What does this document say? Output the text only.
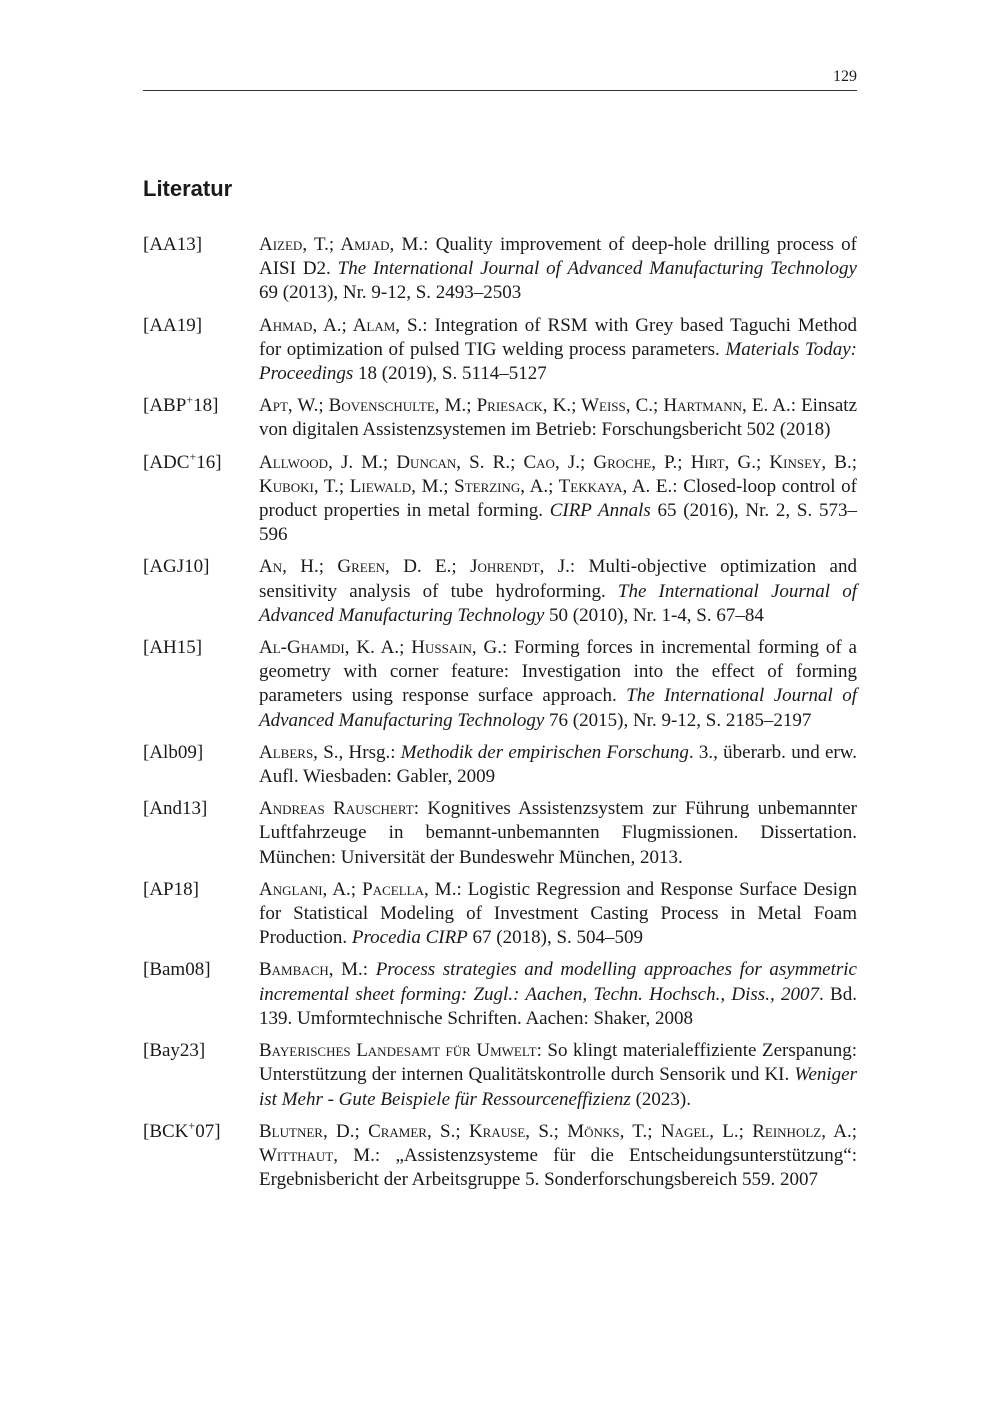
129
Literatur
[AA13]	Aized, T.; Amjad, M.: Quality improvement of deep-hole drilling process of AISI D2. The International Journal of Advanced Manufacturing Technology 69 (2013), Nr. 9-12, S. 2493–2503
[AA19]	Ahmad, A.; Alam, S.: Integration of RSM with Grey based Taguchi Method for optimization of pulsed TIG welding process parameters. Materials Today: Proceedings 18 (2019), S. 5114–5127
[ABP+18]	Apt, W.; Bovenschulte, M.; Priesack, K.; Weiss, C.; Hartmann, E. A.: Einsatz von digitalen Assistenzsystemen im Betrieb: Forschungsbericht 502 (2018)
[ADC+16]	Allwood, J. M.; Duncan, S. R.; Cao, J.; Groche, P.; Hirt, G.; Kinsey, B.; Kuboki, T.; Liewald, M.; Sterzing, A.; Tekkaya, A. E.: Closed-loop control of product properties in metal forming. CIRP Annals 65 (2016), Nr. 2, S. 573–596
[AGJ10]	An, H.; Green, D. E.; Johrendt, J.: Multi-objective optimization and sensitivity analysis of tube hydroforming. The International Journal of Advanced Manufacturing Technology 50 (2010), Nr. 1-4, S. 67–84
[AH15]	Al-Ghamdi, K. A.; Hussain, G.: Forming forces in incremental forming of a geometry with corner feature: Investigation into the effect of forming parameters using response surface approach. The International Journal of Advanced Manufacturing Technology 76 (2015), Nr. 9-12, S. 2185–2197
[Alb09]	Albers, S., Hrsg.: Methodik der empirischen Forschung. 3., überarb. und erw. Aufl. Wiesbaden: Gabler, 2009
[And13]	Andreas Rauschert: Kognitives Assistenzsystem zur Führung unbemannter Luftfahrzeuge in bemannt-unbemannten Flugmissionen. Dissertation. München: Universität der Bundeswehr München, 2013.
[AP18]	Anglani, A.; Pacella, M.: Logistic Regression and Response Surface Design for Statistical Modeling of Investment Casting Process in Metal Foam Production. Procedia CIRP 67 (2018), S. 504–509
[Bam08]	Bambach, M.: Process strategies and modelling approaches for asymmetric incremental sheet forming: Zugl.: Aachen, Techn. Hochsch., Diss., 2007. Bd. 139. Umformtechnische Schriften. Aachen: Shaker, 2008
[Bay23]	Bayerisches Landesamt für Umwelt: So klingt materialeffiziente Zerspanung: Unterstützung der internen Qualitätskontrolle durch Sensorik und KI. Weniger ist Mehr - Gute Beispiele für Ressourceneffizienz (2023).
[BCK+07]	Blutner, D.; Cramer, S.; Krause, S.; Mönks, T.; Nagel, L.; Reinholz, A.; Witthaut, M.: „Assistenzsysteme für die Entscheidungsunterstützung“: Ergebnisbericht der Arbeitsgruppe 5. Sonderforschungsbereich 559. 2007
